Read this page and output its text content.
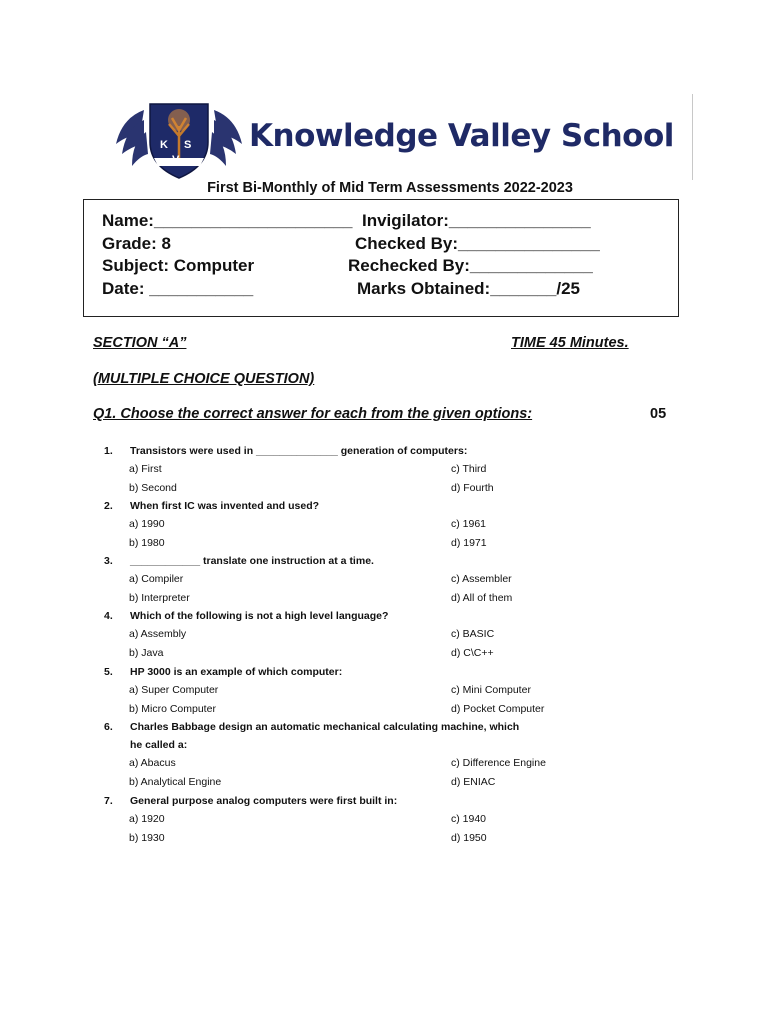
K S
V
Knowledge Valley School
First Bi-Monthly of Mid Term Assessments 2022-2023
Name:_____________________ Invigilator:_______________
Grade: 8	Checked By:_______________
Subject: Computer	Rechecked By:_____________
Date: ___________	Marks Obtained:_______/25
SECTION “A”	TIME 45 Minutes.
(MULTIPLE CHOICE QUESTION)
Q1. Choose the correct answer for each from the given options:	05
1. Transistors were used in ______________ generation of computers:
a) First	c) Third
b) Second	d) Fourth
2. When first IC was invented and used?
a) 1990	c) 1961
b) 1980	d) 1971
3. ____________ translate one instruction at a time.
a) Compiler	c) Assembler
b) Interpreter	d) All of them
4. Which of the following is not a high level language?
a) Assembly	c) BASIC
b) Java	d) C\C++
5. HP 3000 is an example of which computer:
a) Super Computer	c) Mini Computer
b) Micro Computer	d) Pocket Computer
6. Charles Babbage design an automatic mechanical calculating machine, which
he called a:
a) Abacus	c) Difference Engine
b) Analytical Engine	d) ENIAC
7. General purpose analog computers were first built in:
a) 1920	c) 1940
b) 1930	d) 1950
